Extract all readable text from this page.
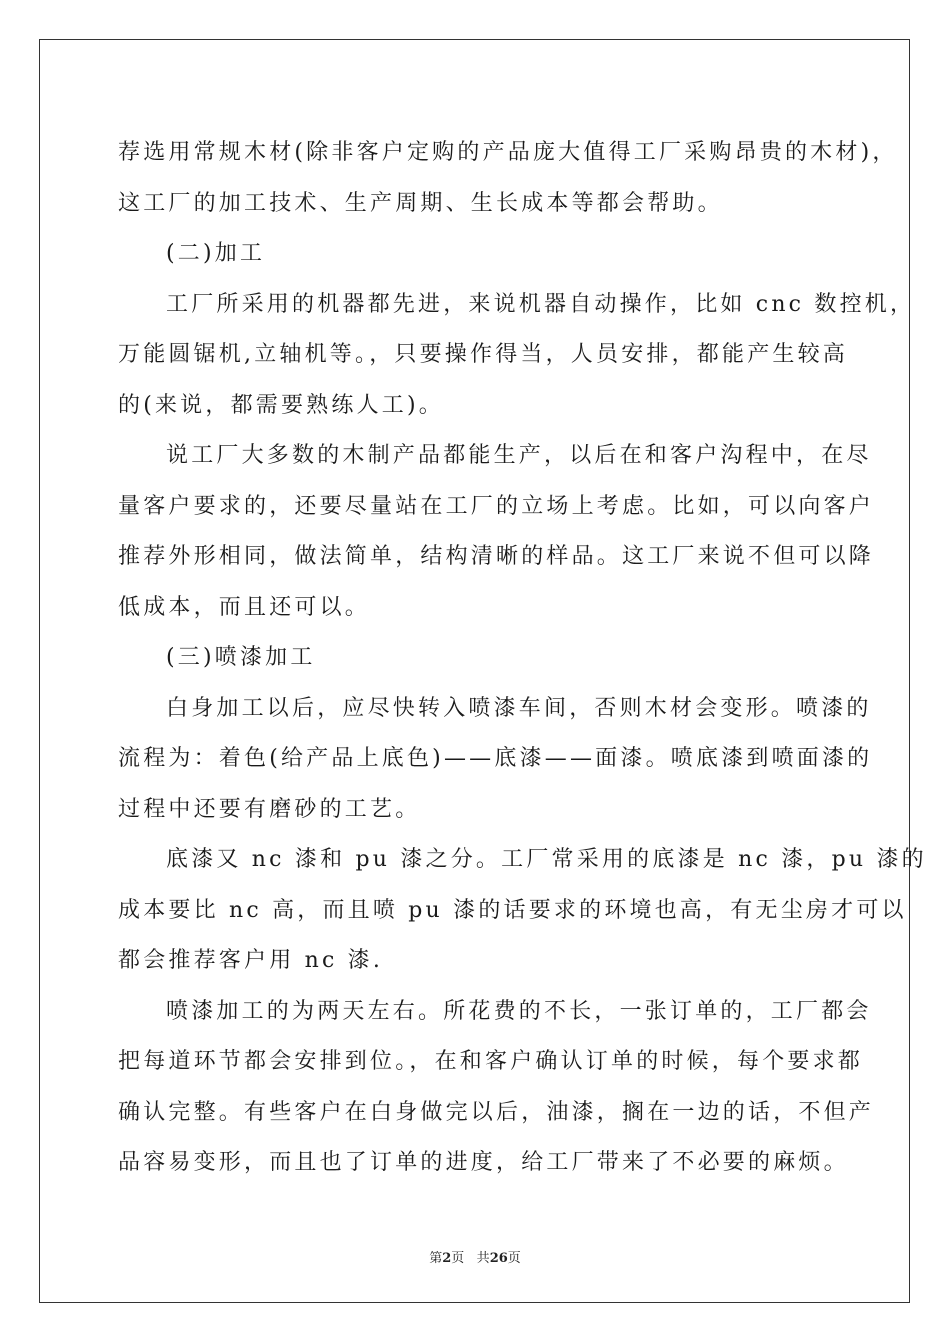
荐选用常规木材(除非客户定购的产品庞大值得工厂采购昂贵的木材)，
这工厂的加工技术、生产周期、生长成本等都会帮助。
(二)加工
工厂所采用的机器都先进，来说机器自动操作，比如 cnc 数控机，
万能圆锯机,立轴机等。，只要操作得当，人员安排，都能产生较高
的(来说，都需要熟练人工)。
说工厂大多数的木制产品都能生产，以后在和客户沟程中，在尽
量客户要求的，还要尽量站在工厂的立场上考虑。比如，可以向客户
推荐外形相同，做法简单，结构清晰的样品。这工厂来说不但可以降
低成本，而且还可以。
(三)喷漆加工
白身加工以后，应尽快转入喷漆车间，否则木材会变形。喷漆的
流程为：着色(给产品上底色)——底漆——面漆。喷底漆到喷面漆的
过程中还要有磨砂的工艺。
底漆又 nc 漆和 pu 漆之分。工厂常采用的底漆是 nc 漆，pu 漆的
成本要比 nc 高，而且喷 pu 漆的话要求的环境也高，有无尘房才可以
都会推荐客户用 nc 漆.
喷漆加工的为两天左右。所花费的不长，一张订单的，工厂都会
把每道环节都会安排到位。，在和客户确认订单的时候，每个要求都
确认完整。有些客户在白身做完以后，油漆，搁在一边的话，不但产
品容易变形，而且也了订单的进度，给工厂带来了不必要的麻烦。
第2页 共26页
